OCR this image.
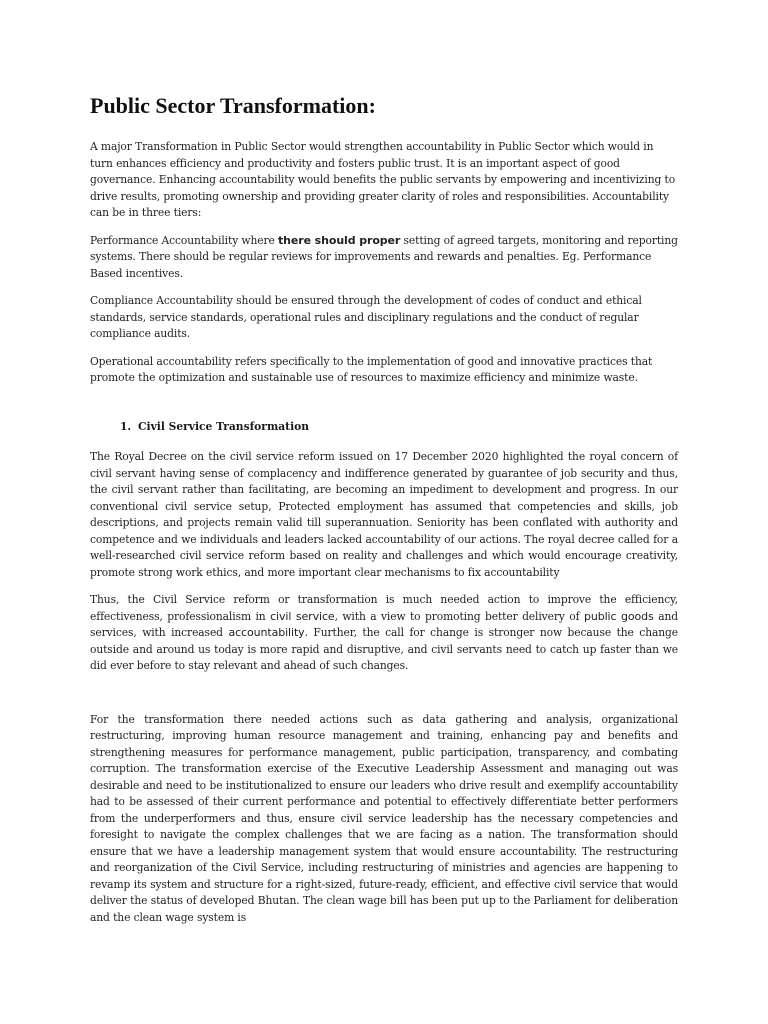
Public Sector Transformation:

A major Transformation in Public Sector would strengthen accountability in Public Sector which would in turn enhances efficiency and productivity and fosters public trust. It is an important aspect of good governance. Enhancing accountability would benefits the public servants by empowering and incentivizing to drive results, promoting ownership and providing greater clarity of roles and responsibilities. Accountability can be in three tiers:

Performance Accountability where there should proper setting of agreed targets, monitoring and reporting systems. There should be regular reviews for improvements and rewards and penalties. Eg. Performance Based incentives.

Compliance Accountability should be ensured through the development of codes of conduct and ethical standards, service standards, operational rules and disciplinary regulations and the conduct of regular compliance audits.

Operational accountability refers specifically to the implementation of good and innovative practices that promote the optimization and sustainable use of resources to maximize efficiency and minimize waste.

1. Civil Service Transformation

The Royal Decree on the civil service reform issued on 17 December 2020 highlighted the royal concern of civil servant having sense of complacency and indifference generated by guarantee of job security and thus, the civil servant rather than facilitating, are becoming an impediment to development and progress. In our conventional civil service setup, Protected employment has assumed that competencies and skills, job descriptions, and projects remain valid till superannuation. Seniority has been conflated with authority and competence and we individuals and leaders lacked accountability of our actions. The royal decree called for a well-researched civil service reform based on reality and challenges and which would encourage creativity, promote strong work ethics, and more important clear mechanisms to fix accountability

Thus, the Civil Service reform or transformation is much needed action to improve the efficiency, effectiveness, professionalism in civil service, with a view to promoting better delivery of public goods and services, with increased accountability. Further, the call for change is stronger now because the change outside and around us today is more rapid and disruptive, and civil servants need to catch up faster than we did ever before to stay relevant and ahead of such changes.

For the transformation there needed actions such as data gathering and analysis, organizational restructuring, improving human resource management and training, enhancing pay and benefits and strengthening measures for performance management, public participation, transparency, and combating corruption. The transformation exercise of the Executive Leadership Assessment and managing out was desirable and need to be institutionalized to ensure our leaders who drive result and exemplify accountability had to be assessed of their current performance and potential to effectively differentiate better performers from the underperformers and thus, ensure civil service leadership has the necessary competencies and foresight to navigate the complex challenges that we are facing as a nation. The transformation should ensure that we have a leadership management system that would ensure accountability. The restructuring and reorganization of the Civil Service, including restructuring of ministries and agencies are happening to revamp its system and structure for a right-sized, future-ready, efficient, and effective civil service that would deliver the status of developed Bhutan. The clean wage bill has been put up to the Parliament for deliberation and the clean wage system is
